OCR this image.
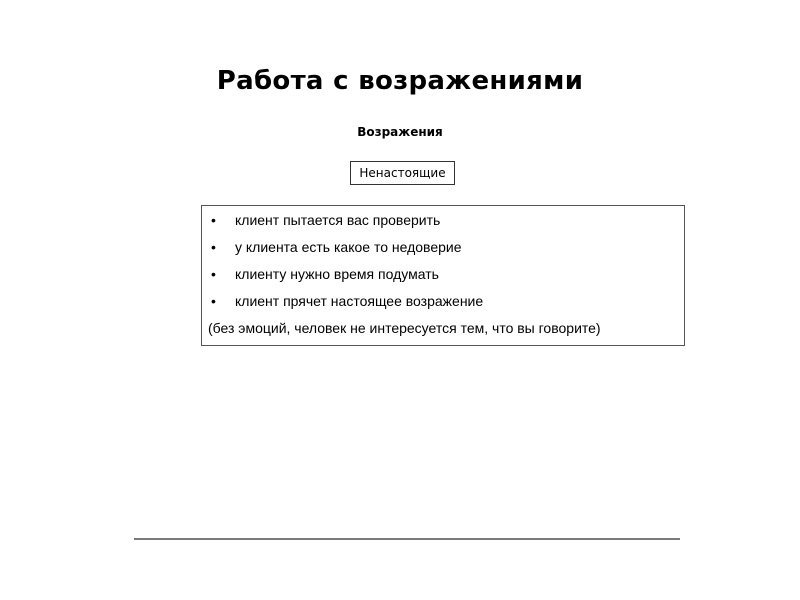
Работа с возражениями
Возражения
Ненастоящие
• клиент пытается вас проверить
• у клиента есть какое то недоверие
• клиенту нужно время подумать
• клиент прячет настоящее возражение
(без эмоций, человек не интересуется тем, что вы говорите)
